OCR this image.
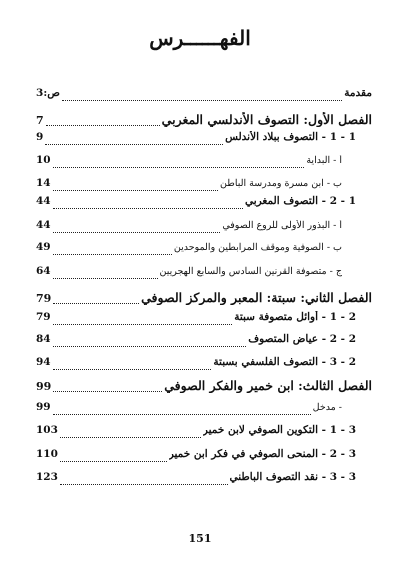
الفهــــــرس
ص:3	مقدمة
7	الفصل الأول: التصوف الأندلسي المغربي
9	1 - 1 - التصوف ببلاد الأندلس
10	أ - البداية
14	ب - ابن مسرة ومدرسة الباطن
44	1 - 2 - التصوف المغربي
44	أ - البذور الأولى للروع الصوفي
49	ب - الصوفية وموقف المرابطين والموحدين
64	ج - متصوفة القرنين السادس والسابع الهجريين
79	الفصل الثاني: سبتة: المعبر والمركز الصوفي
79	2 - 1 - أوائل متصوفة سبتة
84	2 - 2 - عياض المتصوف
94	2 - 3 - التصوف الفلسفي بسبتة
99	الفصل الثالث: ابن خمير والفكر الصوفي
99	- مدخل
103	3 - 1 - التكوين الصوفي لابن خمير
110	3 - 2 - المنحى الصوفي في فكر ابن خمير
123	3 - 3 - نقد التصوف الباطني
151
